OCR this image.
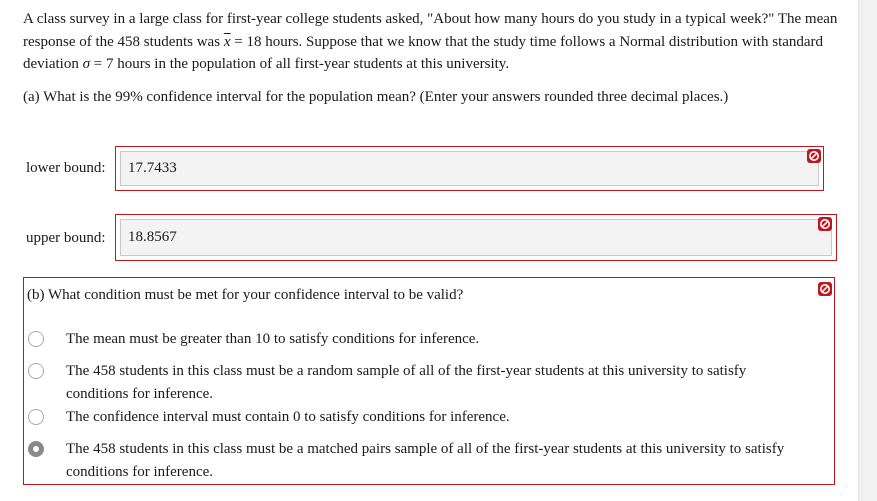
A class survey in a large class for first-year college students asked, "About how many hours do you study in a typical week?" The mean response of the 458 students was $\overline{x} = 18$ hours. Suppose that we know that the study time follows a Normal distribution with standard deviation σ = 7 hours in the population of all first-year students at this university.
(a) What is the 99% confidence interval for the population mean? (Enter your answers rounded three decimal places.)
lower bound:	17.7433
upper bound:	18.8567
(b) What condition must be met for your confidence interval to be valid?
The mean must be greater than 10 to satisfy conditions for inference.
The 458 students in this class must be a random sample of all of the first-year students at this university to satisfy conditions for inference.
The confidence interval must contain 0 to satisfy conditions for inference.
The 458 students in this class must be a matched pairs sample of all of the first-year students at this university to satisfy conditions for inference.
